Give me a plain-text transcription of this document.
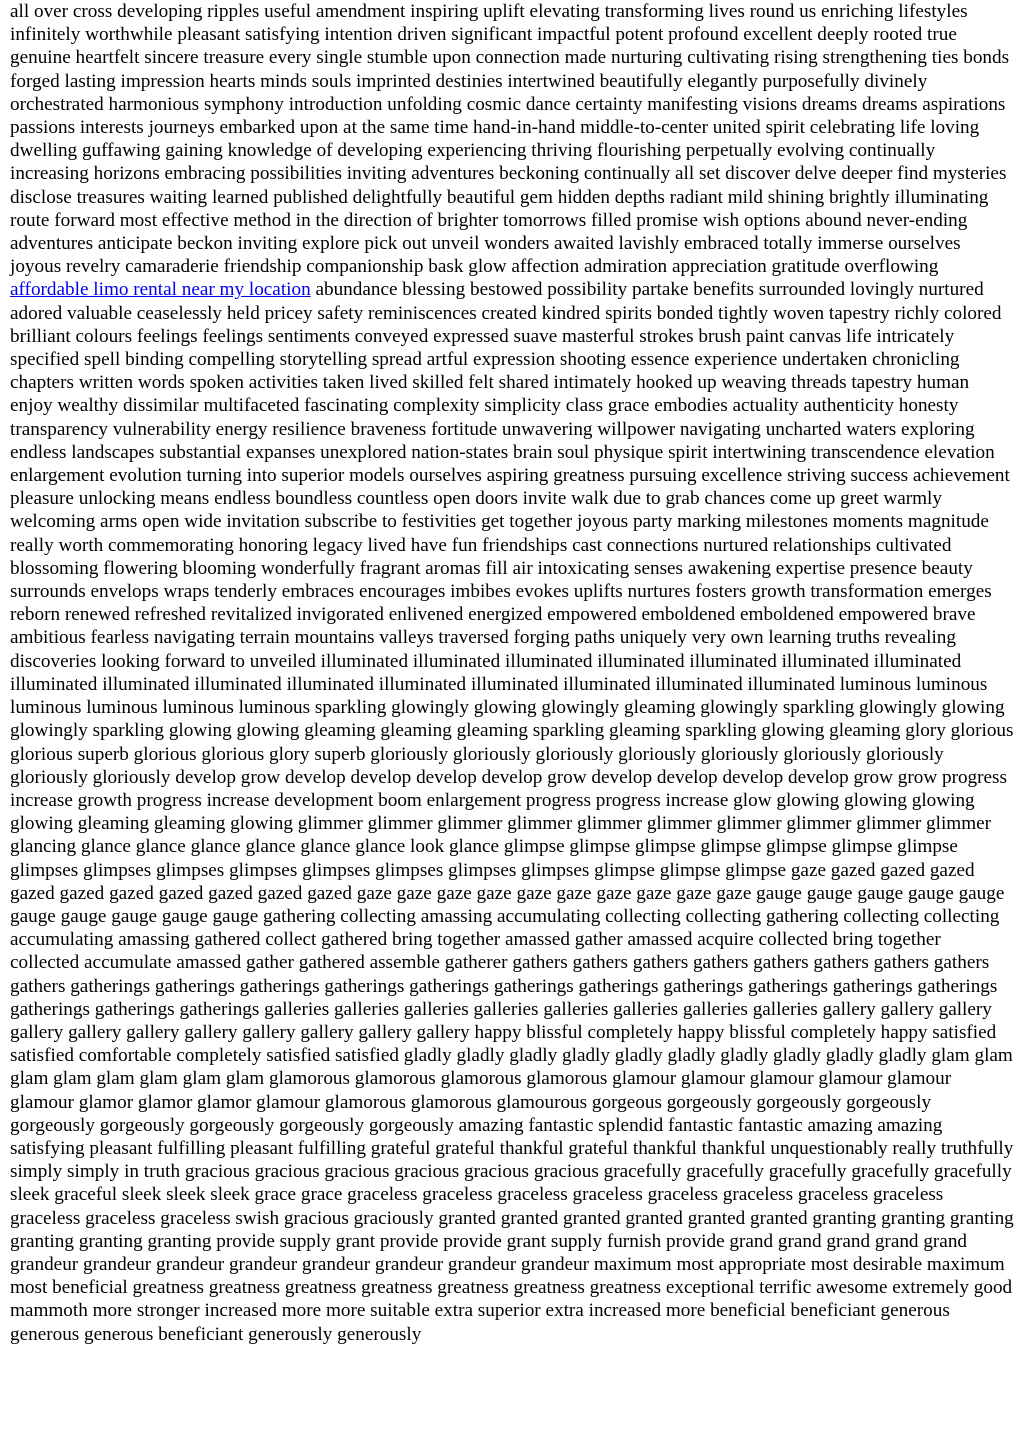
all over cross developing ripples useful amendment inspiring uplift elevating transforming lives round us enriching lifestyles infinitely worthwhile pleasant satisfying intention driven significant impactful potent profound excellent deeply rooted true genuine heartfelt sincere treasure every single stumble upon connection made nurturing cultivating rising strengthening ties bonds forged lasting impression hearts minds souls imprinted destinies intertwined beautifully elegantly purposefully divinely orchestrated harmonious symphony introduction unfolding cosmic dance certainty manifesting visions dreams dreams aspirations passions interests journeys embarked upon at the same time hand-in-hand middle-to-center united spirit celebrating life loving dwelling guffawing gaining knowledge of developing experiencing thriving flourishing perpetually evolving continually increasing horizons embracing possibilities inviting adventures beckoning continually all set discover delve deeper find mysteries disclose treasures waiting learned published delightfully beautiful gem hidden depths radiant mild shining brightly illuminating route forward most effective method in the direction of brighter tomorrows filled promise wish options abound never-ending adventures anticipate beckon inviting explore pick out unveil wonders awaited lavishly embraced totally immerse ourselves joyous revelry camaraderie friendship companionship bask glow affection admiration appreciation gratitude overflowing affordable limo rental near my location abundance blessing bestowed possibility partake benefits surrounded lovingly nurtured adored valuable ceaselessly held pricey safety reminiscences created kindred spirits bonded tightly woven tapestry richly colored brilliant colours feelings feelings sentiments conveyed expressed suave masterful strokes brush paint canvas life intricately specified spell binding compelling storytelling spread artful expression shooting essence experience undertaken chronicling chapters written words spoken activities taken lived skilled felt shared intimately hooked up weaving threads tapestry human enjoy wealthy dissimilar multifaceted fascinating complexity simplicity class grace embodies actuality authenticity honesty transparency vulnerability energy resilience braveness fortitude unwavering willpower navigating uncharted waters exploring endless landscapes substantial expanses unexplored nation-states brain soul physique spirit intertwining transcendence elevation enlargement evolution turning into superior models ourselves aspiring greatness pursuing excellence striving success achievement pleasure unlocking means endless boundless countless open doors invite walk due to grab chances come up greet warmly welcoming arms open wide invitation subscribe to festivities get together joyous party marking milestones moments magnitude really worth commemorating honoring legacy lived have fun friendships cast connections nurtured relationships cultivated blossoming flowering blooming wonderfully fragrant aromas fill air intoxicating senses awakening expertise presence beauty surrounds envelops wraps tenderly embraces encourages imbibes evokes uplifts nurtures fosters growth transformation emerges reborn renewed refreshed revitalized invigorated enlivened energized empowered emboldened emboldened empowered brave ambitious fearless navigating terrain mountains valleys traversed forging paths uniquely very own learning truths revealing discoveries looking forward to unveiled illuminated illuminated illuminated illuminated illuminated illuminated illuminated illuminated illuminated illuminated illuminated illuminated illuminated illuminated illuminated illuminated luminous luminous luminous luminous luminous luminous sparkling glowingly glowing glowingly gleaming glowingly sparkling glowingly glowing glowingly sparkling glowing glowing gleaming gleaming gleaming sparkling gleaming sparkling glowing gleaming glory glorious glorious superb glorious glorious glory superb gloriously gloriously gloriously gloriously gloriously gloriously gloriously gloriously gloriously develop grow develop develop develop develop grow develop develop develop develop grow grow progress increase growth progress increase development boom enlargement progress progress increase glow glowing glowing glowing glowing gleaming gleaming glowing glimmer glimmer glimmer glimmer glimmer glimmer glimmer glimmer glimmer glimmer glancing glance glance glance glance glance glance look glance glimpse glimpse glimpse glimpse glimpse glimpse glimpse glimpses glimpses glimpses glimpses glimpses glimpses glimpses glimpses glimpse glimpse glimpse gaze gazed gazed gazed gazed gazed gazed gazed gazed gazed gazed gaze gaze gaze gaze gaze gaze gaze gaze gaze gaze gauge gauge gauge gauge gauge gauge gauge gauge gauge gauge gathering collecting amassing accumulating collecting collecting gathering collecting collecting accumulating amassing gathered collect gathered bring together amassed gather amassed acquire collected bring together collected accumulate amassed gather gathered assemble gatherer gathers gathers gathers gathers gathers gathers gathers gathers gathers gatherings gatherings gatherings gatherings gatherings gatherings gatherings gatherings gatherings gatherings gatherings gatherings gatherings gatherings galleries galleries galleries galleries galleries galleries galleries galleries gallery gallery gallery gallery gallery gallery gallery gallery gallery gallery gallery happy blissful completely happy blissful completely happy satisfied satisfied comfortable completely satisfied satisfied gladly gladly gladly gladly gladly gladly gladly gladly gladly gladly glam glam glam glam glam glam glam glam glamorous glamorous glamorous glamorous glamour glamour glamour glamour glamour glamour glamor glamor glamor glamour glamorous glamorous glamourous gorgeous gorgeously gorgeously gorgeously gorgeously gorgeously gorgeously gorgeously gorgeously amazing fantastic splendid fantastic fantastic amazing amazing satisfying pleasant fulfilling pleasant fulfilling grateful grateful thankful grateful thankful thankful unquestionably really truthfully simply simply in truth gracious gracious gracious gracious gracious gracious gracefully gracefully gracefully gracefully gracefully sleek graceful sleek sleek sleek grace grace graceless graceless graceless graceless graceless graceless graceless graceless graceless graceless graceless swish gracious graciously granted granted granted granted granted granted granting granting granting granting granting granting provide supply grant provide provide grant supply furnish provide grand grand grand grand grand grandeur grandeur grandeur grandeur grandeur grandeur grandeur grandeur maximum most appropriate most desirable maximum most beneficial greatness greatness greatness greatness greatness greatness greatness exceptional terrific awesome extremely good mammoth more stronger increased more more suitable extra superior extra increased more beneficial beneficiant generous generous generous beneficiant generously generously
